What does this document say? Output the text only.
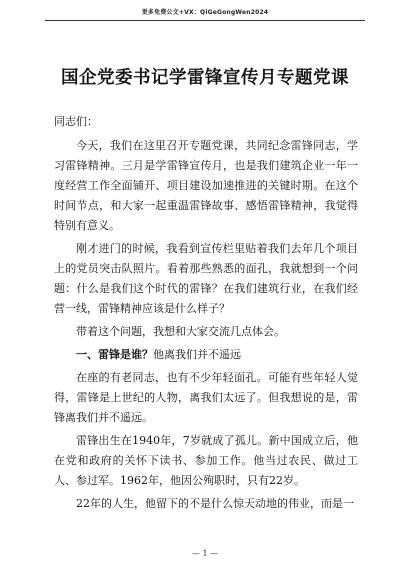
更多免费公文+VX：QiGeGongWen2024
国企党委书记学雷锋宣传月专题党课

同志们：

今天，我们在这里召开专题党课，共同纪念雷锋同志，学习雷锋精神。三月是学雷锋宣传月，也是我们建筑企业一年一度经营工作全面铺开、项目建设加速推进的关键时期。在这个时间节点，和大家一起重温雷锋故事、感悟雷锋精神，我觉得特别有意义。

刚才进门的时候，我看到宣传栏里贴着我们去年几个项目上的党员突击队照片。看着那些熟悉的面孔，我就想到一个问题：什么是我们这个时代的雷锋？在我们建筑行业，在我们经营一线，雷锋精神应该是什么样子？

带着这个问题，我想和大家交流几点体会。

一、雷锋是谁？他离我们并不遥远

在座的有老同志，也有不少年轻面孔。可能有些年轻人觉得，雷锋是上世纪的人物，离我们太远了。但我想说的是，雷锋离我们并不遥远。

雷锋出生在1940年，7岁就成了孤儿。新中国成立后，他在党和政府的关怀下读书、参加工作。他当过农民、做过工人、参过军。1962年，他因公殉职时，只有22岁。

22年的人生，他留下的不是什么惊天动地的伟业，而是一

— 1 —
